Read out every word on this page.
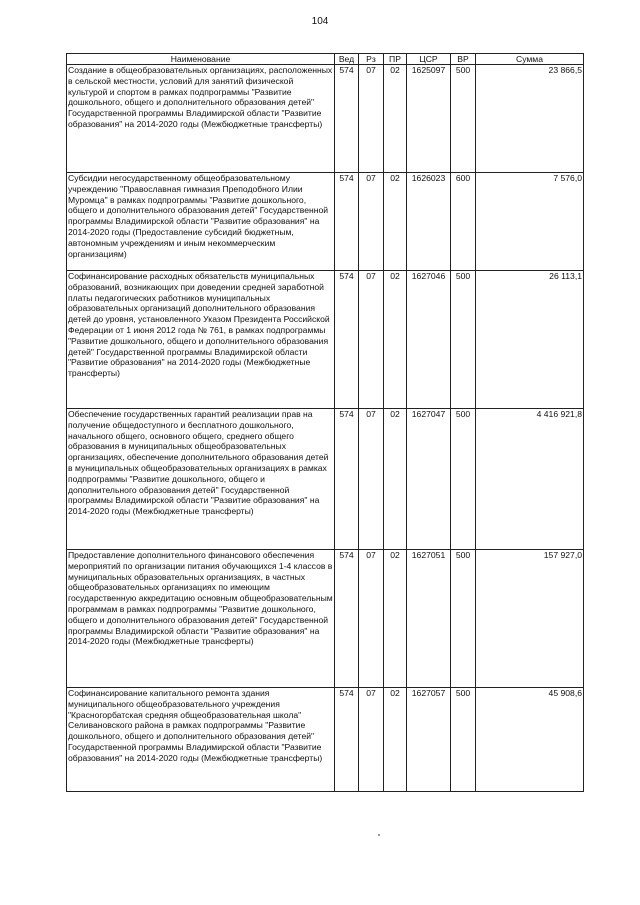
104
Наименование	Вед	Рз	ПР	ЦСР	ВР	Сумма
Создание в общеобразовательных организациях, расположенных в сельской местности, условий для занятий физической культурой и спортом в рамках подпрограммы "Развитие дошкольного, общего и дополнительного образования детей" Государственной программы Владимирской области "Развитие образования" на 2014-2020 годы (Межбюджетные трансферты)	574	07	02	1625097	500	23 866,5
Субсидии негосударственному общеобразовательному учреждению "Православная гимназия Преподобного Илии Муромца" в рамках подпрограммы "Развитие дошкольного, общего и дополнительного образования детей" Государственной программы Владимирской области "Развитие образования" на 2014-2020 годы (Предоставление субсидий бюджетным, автономным учреждениям и иным некоммерческим организациям)	574	07	02	1626023	600	7 576,0
Софинансирование расходных обязательств муниципальных образований, возникающих при доведении средней заработной платы педагогических работников муниципальных образовательных организаций дополнительного образования детей до уровня, установленного Указом Президента Российской Федерации от 1 июня 2012 года № 761, в рамках подпрограммы "Развитие дошкольного, общего и дополнительного образования детей" Государственной программы Владимирской области "Развитие образования" на 2014-2020 годы (Межбюджетные трансферты)	574	07	02	1627046	500	26 113,1
Обеспечение государственных гарантий реализации прав на получение общедоступного и бесплатного дошкольного, начального общего, основного общего, среднего общего образования в муниципальных общеобразовательных организациях, обеспечение дополнительного образования детей в муниципальных общеобразовательных организациях в рамках подпрограммы "Развитие дошкольного, общего и дополнительного образования детей" Государственной программы Владимирской области "Развитие образования" на 2014-2020 годы (Межбюджетные трансферты)	574	07	02	1627047	500	4 416 921,8
Предоставление дополнительного финансового обеспечения мероприятий по организации питания обучающихся 1-4 классов в муниципальных образовательных организациях, в частных общеобразовательных организациях по имеющим государственную аккредитацию основным общеобразовательным программам в рамках подпрограммы "Развитие дошкольного, общего и дополнительного образования детей" Государственной программы Владимирской области "Развитие образования" на 2014-2020 годы (Межбюджетные трансферты)	574	07	02	1627051	500	157 927,0
Софинансирование капитального ремонта здания муниципального общеобразовательного учреждения "Красногорбатская средняя общеобразовательная школа" Селивановского района в рамках подпрограммы "Развитие дошкольного, общего и дополнительного образования детей" Государственной программы Владимирской области "Развитие образования" на 2014-2020 годы (Межбюджетные трансферты)	574	07	02	1627057	500	45 908,6
